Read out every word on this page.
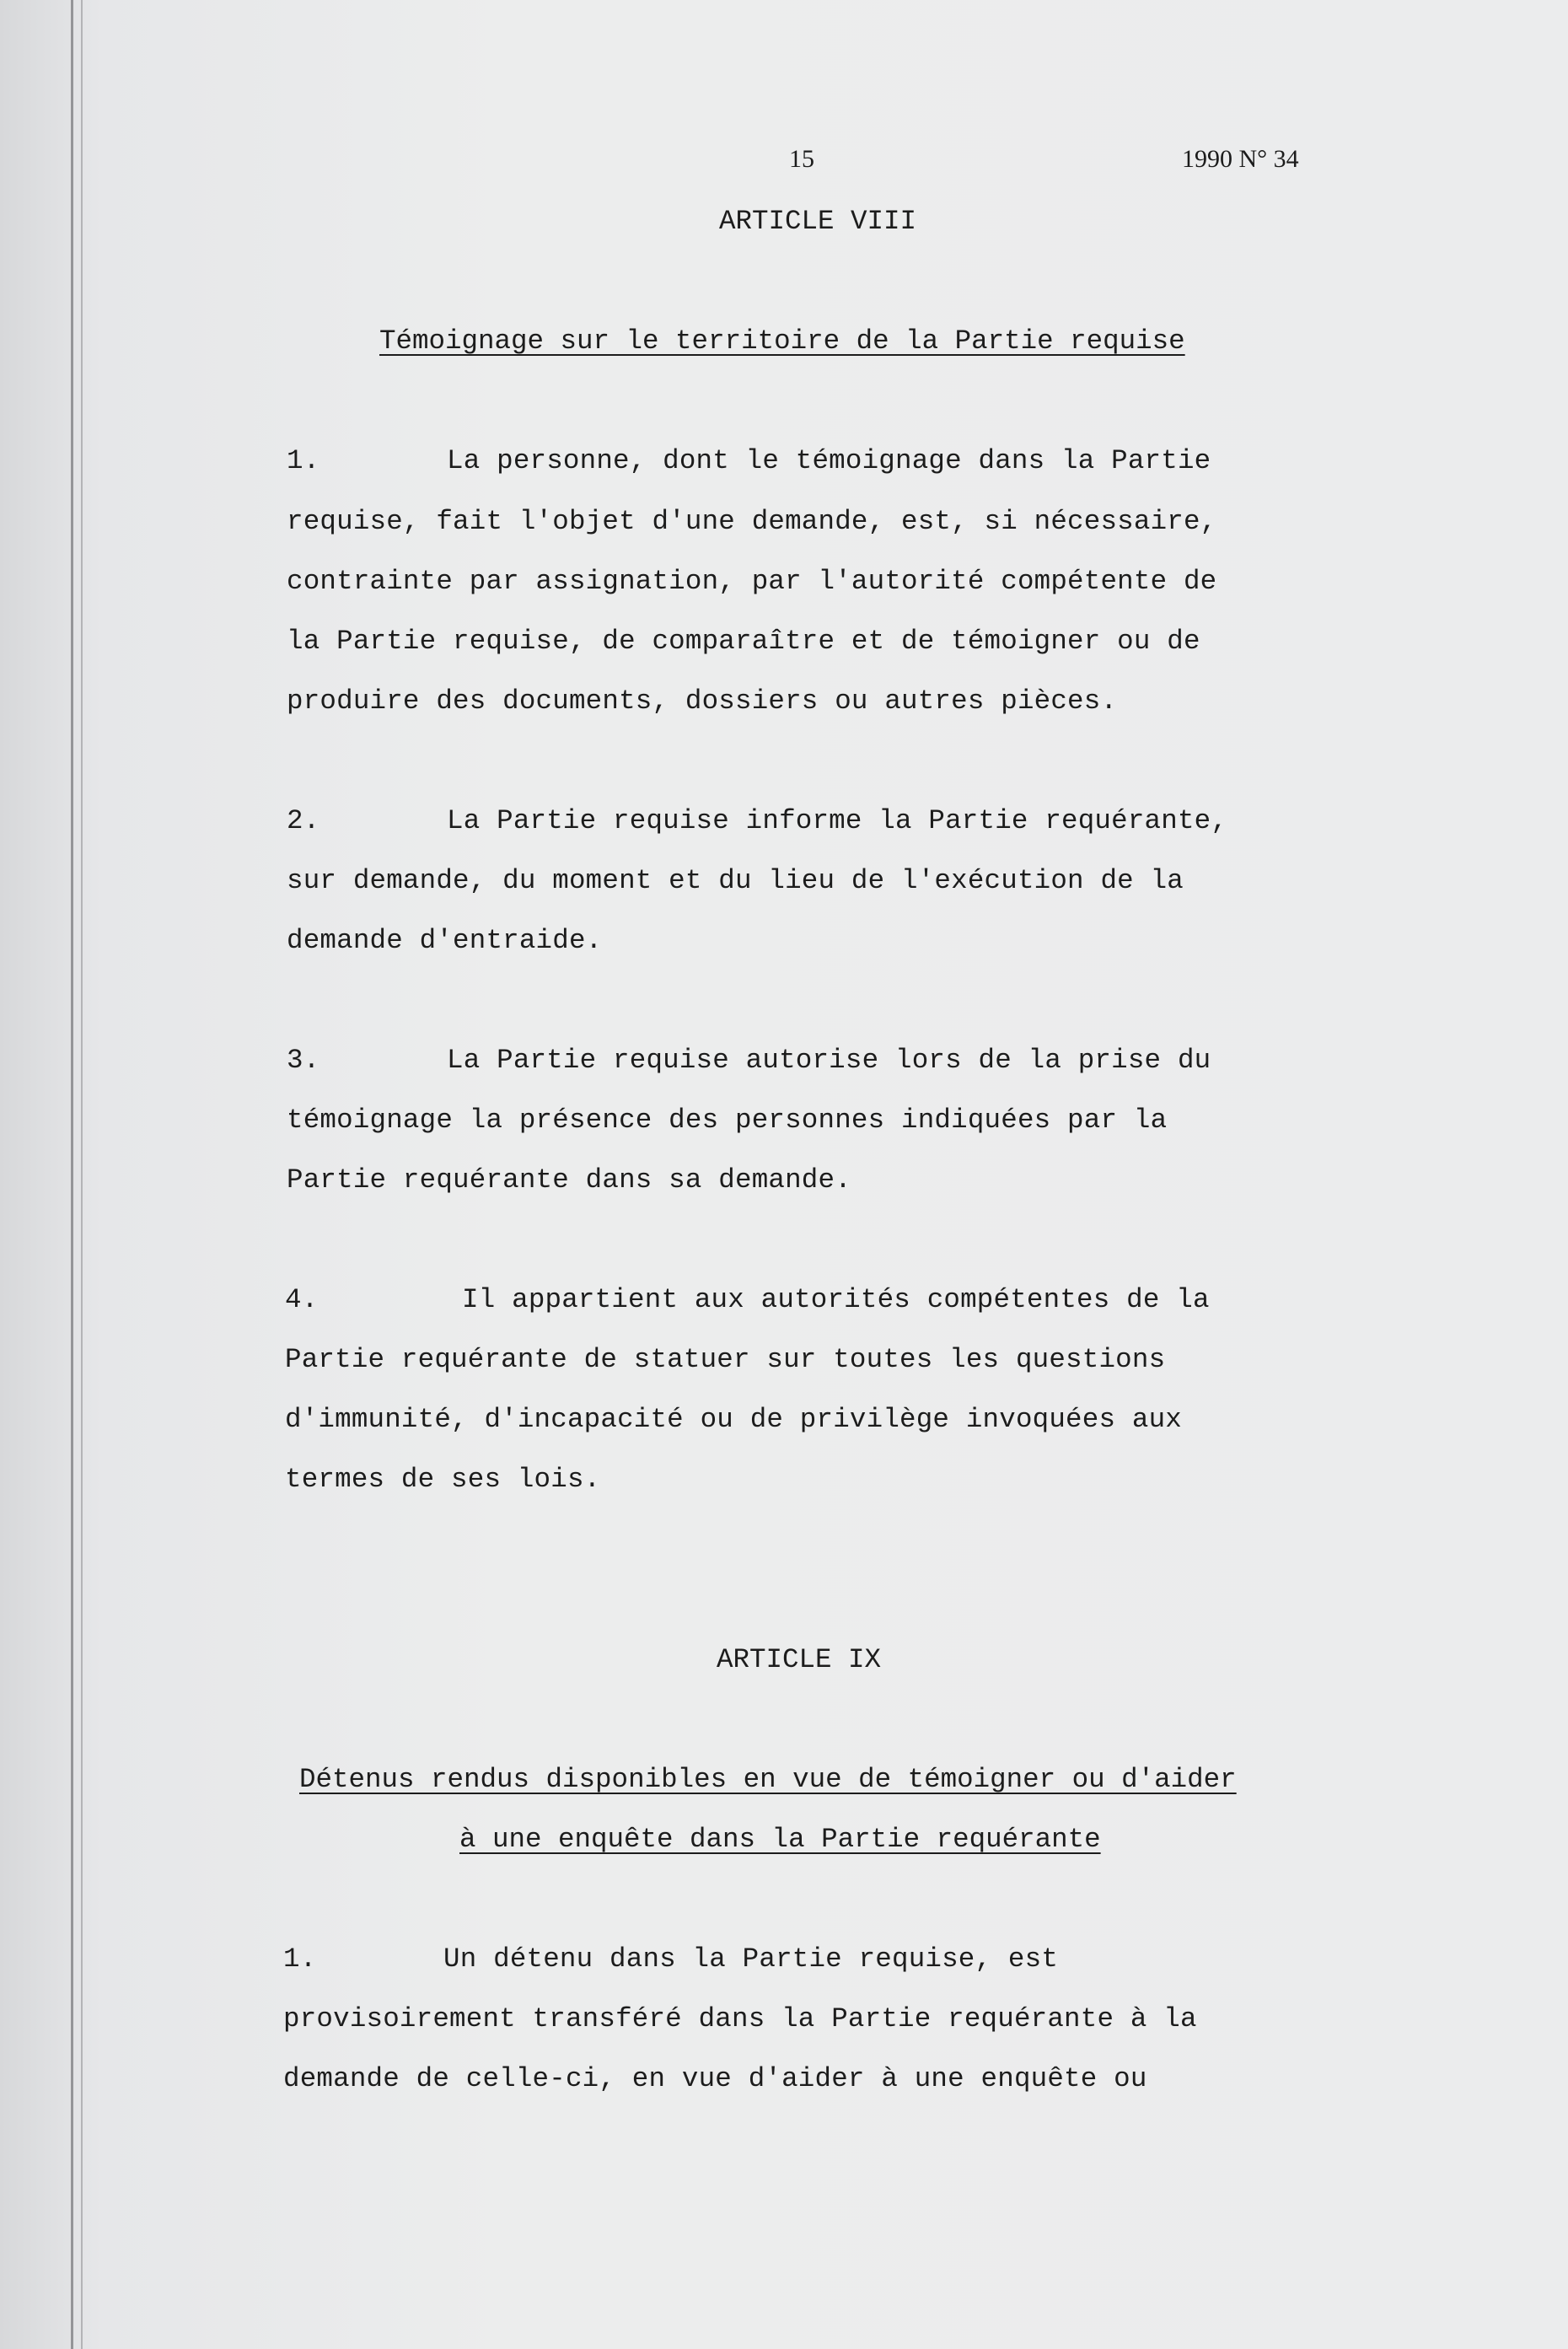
15	1990 N° 34
ARTICLE VIII
Témoignage sur le territoire de la Partie requise
1.	La personne, dont le témoignage dans la Partie
requise, fait l'objet d'une demande, est, si nécessaire,
contrainte par assignation, par l'autorité compétente de
la Partie requise, de comparaître et de témoigner ou de
produire des documents, dossiers ou autres pièces.
2.	La Partie requise informe la Partie requérante,
sur demande, du moment et du lieu de l'exécution de la
demande d'entraide.
3.	La Partie requise autorise lors de la prise du
témoignage la présence des personnes indiquées par la
Partie requérante dans sa demande.
4.	Il appartient aux autorités compétentes de la
Partie requérante de statuer sur toutes les questions
d'immunité, d'incapacité ou de privilège invoquées aux
termes de ses lois.
ARTICLE IX
Détenus rendus disponibles en vue de témoigner ou d'aider
à une enquête dans la Partie requérante
1.	Un détenu dans la Partie requise, est
provisoirement transféré dans la Partie requérante à la
demande de celle-ci, en vue d'aider à une enquête ou
